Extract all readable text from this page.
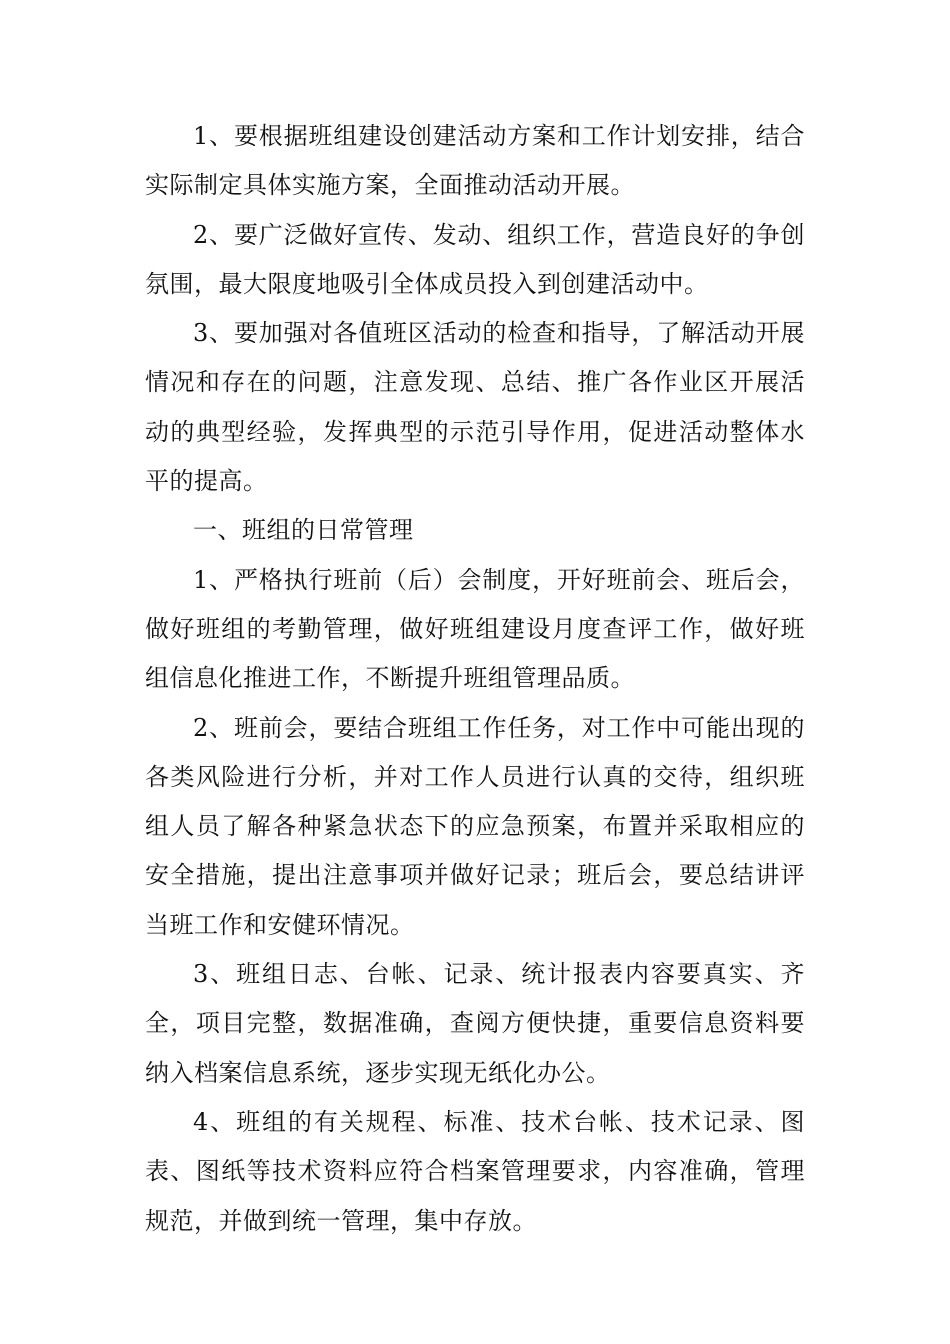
1、要根据班组建设创建活动方案和工作计划安排，结合实际制定具体实施方案，全面推动活动开展。

2、要广泛做好宣传、发动、组织工作，营造良好的争创氛围，最大限度地吸引全体成员投入到创建活动中。

3、要加强对各值班区活动的检查和指导，了解活动开展情况和存在的问题，注意发现、总结、推广各作业区开展活动的典型经验，发挥典型的示范引导作用，促进活动整体水平的提高。

一、班组的日常管理

1、严格执行班前（后）会制度，开好班前会、班后会，做好班组的考勤管理，做好班组建设月度查评工作，做好班组信息化推进工作，不断提升班组管理品质。

2、班前会，要结合班组工作任务，对工作中可能出现的各类风险进行分析，并对工作人员进行认真的交待，组织班组人员了解各种紧急状态下的应急预案，布置并采取相应的安全措施，提出注意事项并做好记录；班后会，要总结讲评当班工作和安健环情况。

3、班组日志、台帐、记录、统计报表内容要真实、齐全，项目完整，数据准确，查阅方便快捷，重要信息资料要纳入档案信息系统，逐步实现无纸化办公。

4、班组的有关规程、标准、技术台帐、技术记录、图表、图纸等技术资料应符合档案管理要求，内容准确，管理规范，并做到统一管理，集中存放。
